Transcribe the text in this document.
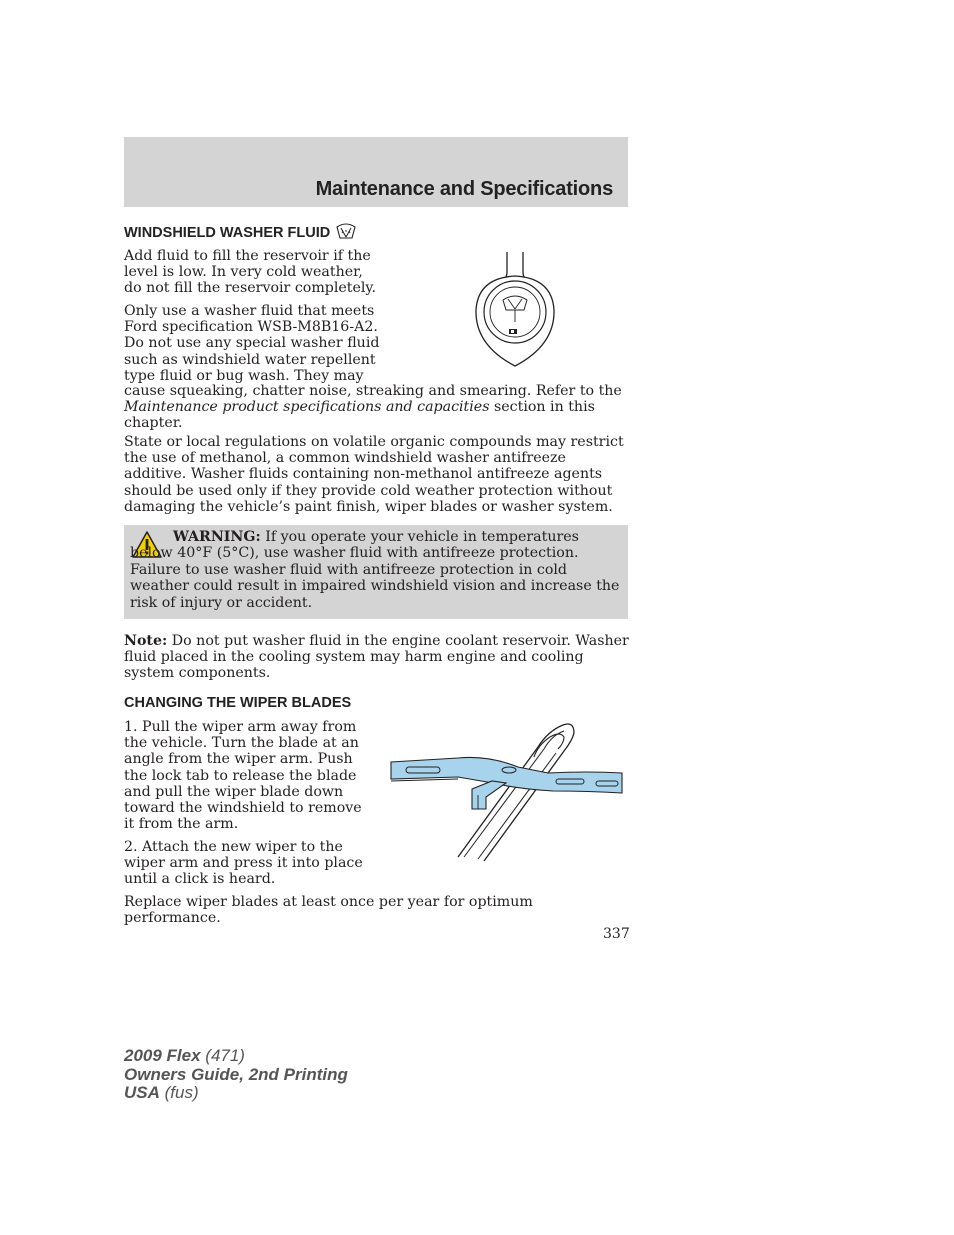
Maintenance and Specifications
WINDSHIELD WASHER FLUID

Add fluid to fill the reservoir if the level is low. In very cold weather, do not fill the reservoir completely.

Only use a washer fluid that meets Ford specification WSB-M8B16-A2. Do not use any special washer fluid such as windshield water repellent type fluid or bug wash. They may

cause squeaking, chatter noise, streaking and smearing. Refer to the
Maintenance product specifications and capacities section in this chapter.

State or local regulations on volatile organic compounds may restrict the use of methanol, a common windshield washer antifreeze additive. Washer fluids containing non-methanol antifreeze agents should be used only if they provide cold weather protection without damaging the vehicle’s paint finish, wiper blades or washer system.

WARNING: If you operate your vehicle in temperatures below 40°F (5°C), use washer fluid with antifreeze protection. Failure to use washer fluid with antifreeze protection in cold weather could result in impaired windshield vision and increase the risk of injury or accident.

Note: Do not put washer fluid in the engine coolant reservoir. Washer fluid placed in the cooling system may harm engine and cooling system components.

CHANGING THE WIPER BLADES

1. Pull the wiper arm away from the vehicle. Turn the blade at an angle from the wiper arm. Push the lock tab to release the blade and pull the wiper blade down toward the windshield to remove it from the arm.

2. Attach the new wiper to the wiper arm and press it into place until a click is heard.

Replace wiper blades at least once per year for optimum performance.

337
2009 Flex (471)
Owners Guide, 2nd Printing
USA (fus)
